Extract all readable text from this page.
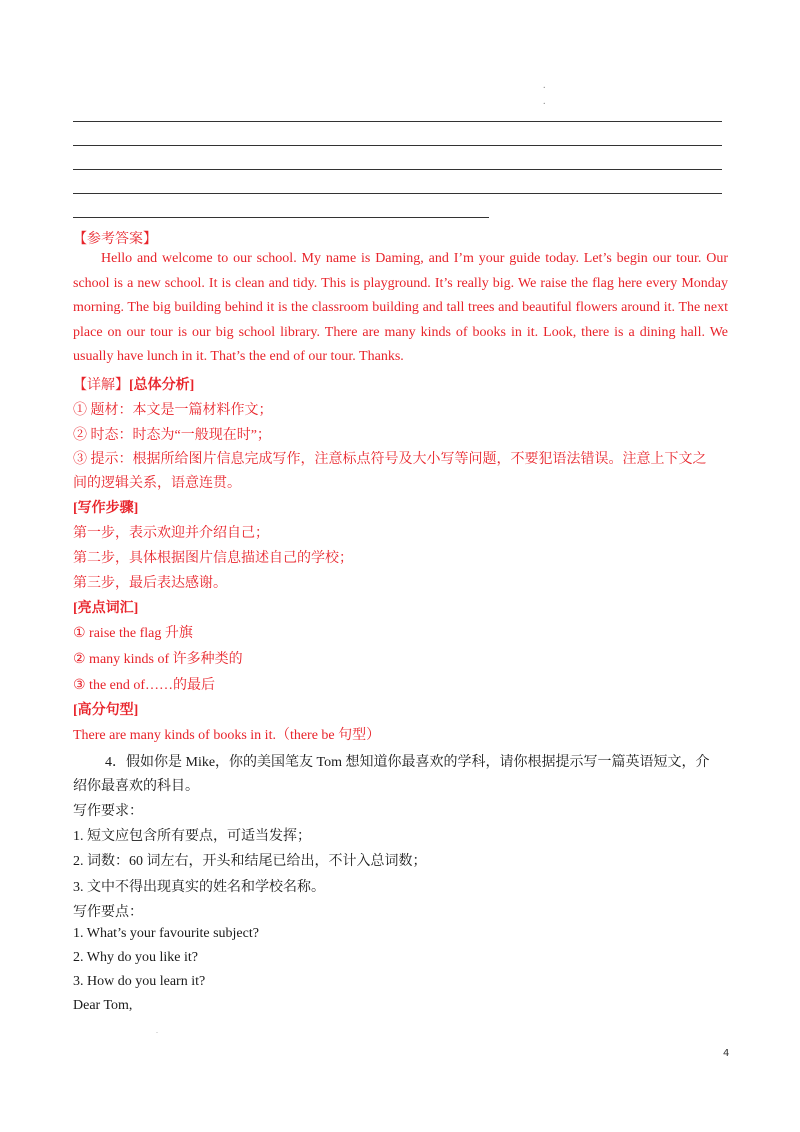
.
.
【参考答案】
Hello and welcome to our school. My name is Daming, and I’m your guide today. Let’s begin our tour. Our school is a new school. It is clean and tidy. This is playground. It’s really big. We raise the flag here every Monday morning. The big building behind it is the classroom building and tall trees and beautiful flowers around it. The next place on our tour is our big school library. There are many kinds of books in it. Look, there is a dining hall. We usually have lunch in it. That’s the end of our tour. Thanks.
【详解】[总体分析]
① 题材：本文是一篇材料作文；
② 时态：时态为“一般现在时”；
③ 提示：根据所给图片信息完成写作，注意标点符号及大小写等问题，不要犯语法错误。注意上下文之
间的逻辑关系，语意连贯。
[写作步骤]
第一步，表示欢迎并介绍自己；
第二步，具体根据图片信息描述自己的学校；
第三步，最后表达感谢。
[亮点词汇]
① raise the flag 升旗
② many kinds of 许多种类的
③ the end of……的最后
[高分句型]
There are many kinds of books in it.（there be 句型）
4．假如你是 Mike，你的美国笔友 Tom 想知道你最喜欢的学科，请你根据提示写一篇英语短文，介
绍你最喜欢的科目。
写作要求：
1. 短文应包含所有要点，可适当发挥；
2. 词数：60 词左右，开头和结尾已给出，不计入总词数；
3. 文中不得出现真实的姓名和学校名称。
写作要点：
1. What’s your favourite subject?
2. Why do you like it?
3. How do you learn it?
Dear Tom,
.
4
